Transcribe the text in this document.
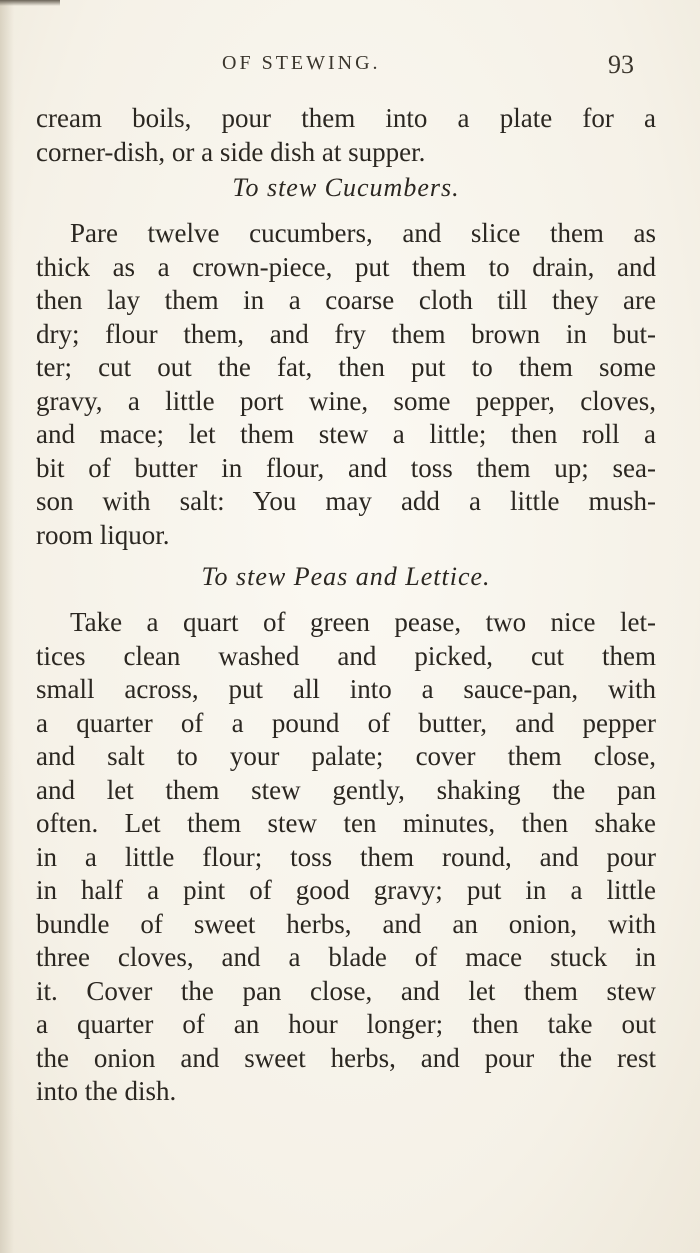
OF STEWING.	93
cream boils, pour them into a plate for a
corner-dish, or a side dish at supper.
To stew Cucumbers.
Pare twelve cucumbers, and slice them as
thick as a crown-piece, put them to drain, and
then lay them in a coarse cloth till they are
dry; flour them, and fry them brown in but-
ter; cut out the fat, then put to them some
gravy, a little port wine, some pepper, cloves,
and mace; let them stew a little; then roll a
bit of butter in flour, and toss them up; sea-
son with salt: You may add a little mush-
room liquor.
To stew Peas and Lettice.
Take a quart of green pease, two nice let-
tices clean washed and picked, cut them
small across, put all into a sauce-pan, with
a quarter of a pound of butter, and pepper
and salt to your palate; cover them close,
and let them stew gently, shaking the pan
often. Let them stew ten minutes, then shake
in a little flour; toss them round, and pour
in half a pint of good gravy; put in a little
bundle of sweet herbs, and an onion, with
three cloves, and a blade of mace stuck in
it. Cover the pan close, and let them stew
a quarter of an hour longer; then take out
the onion and sweet herbs, and pour the rest
into the dish.
